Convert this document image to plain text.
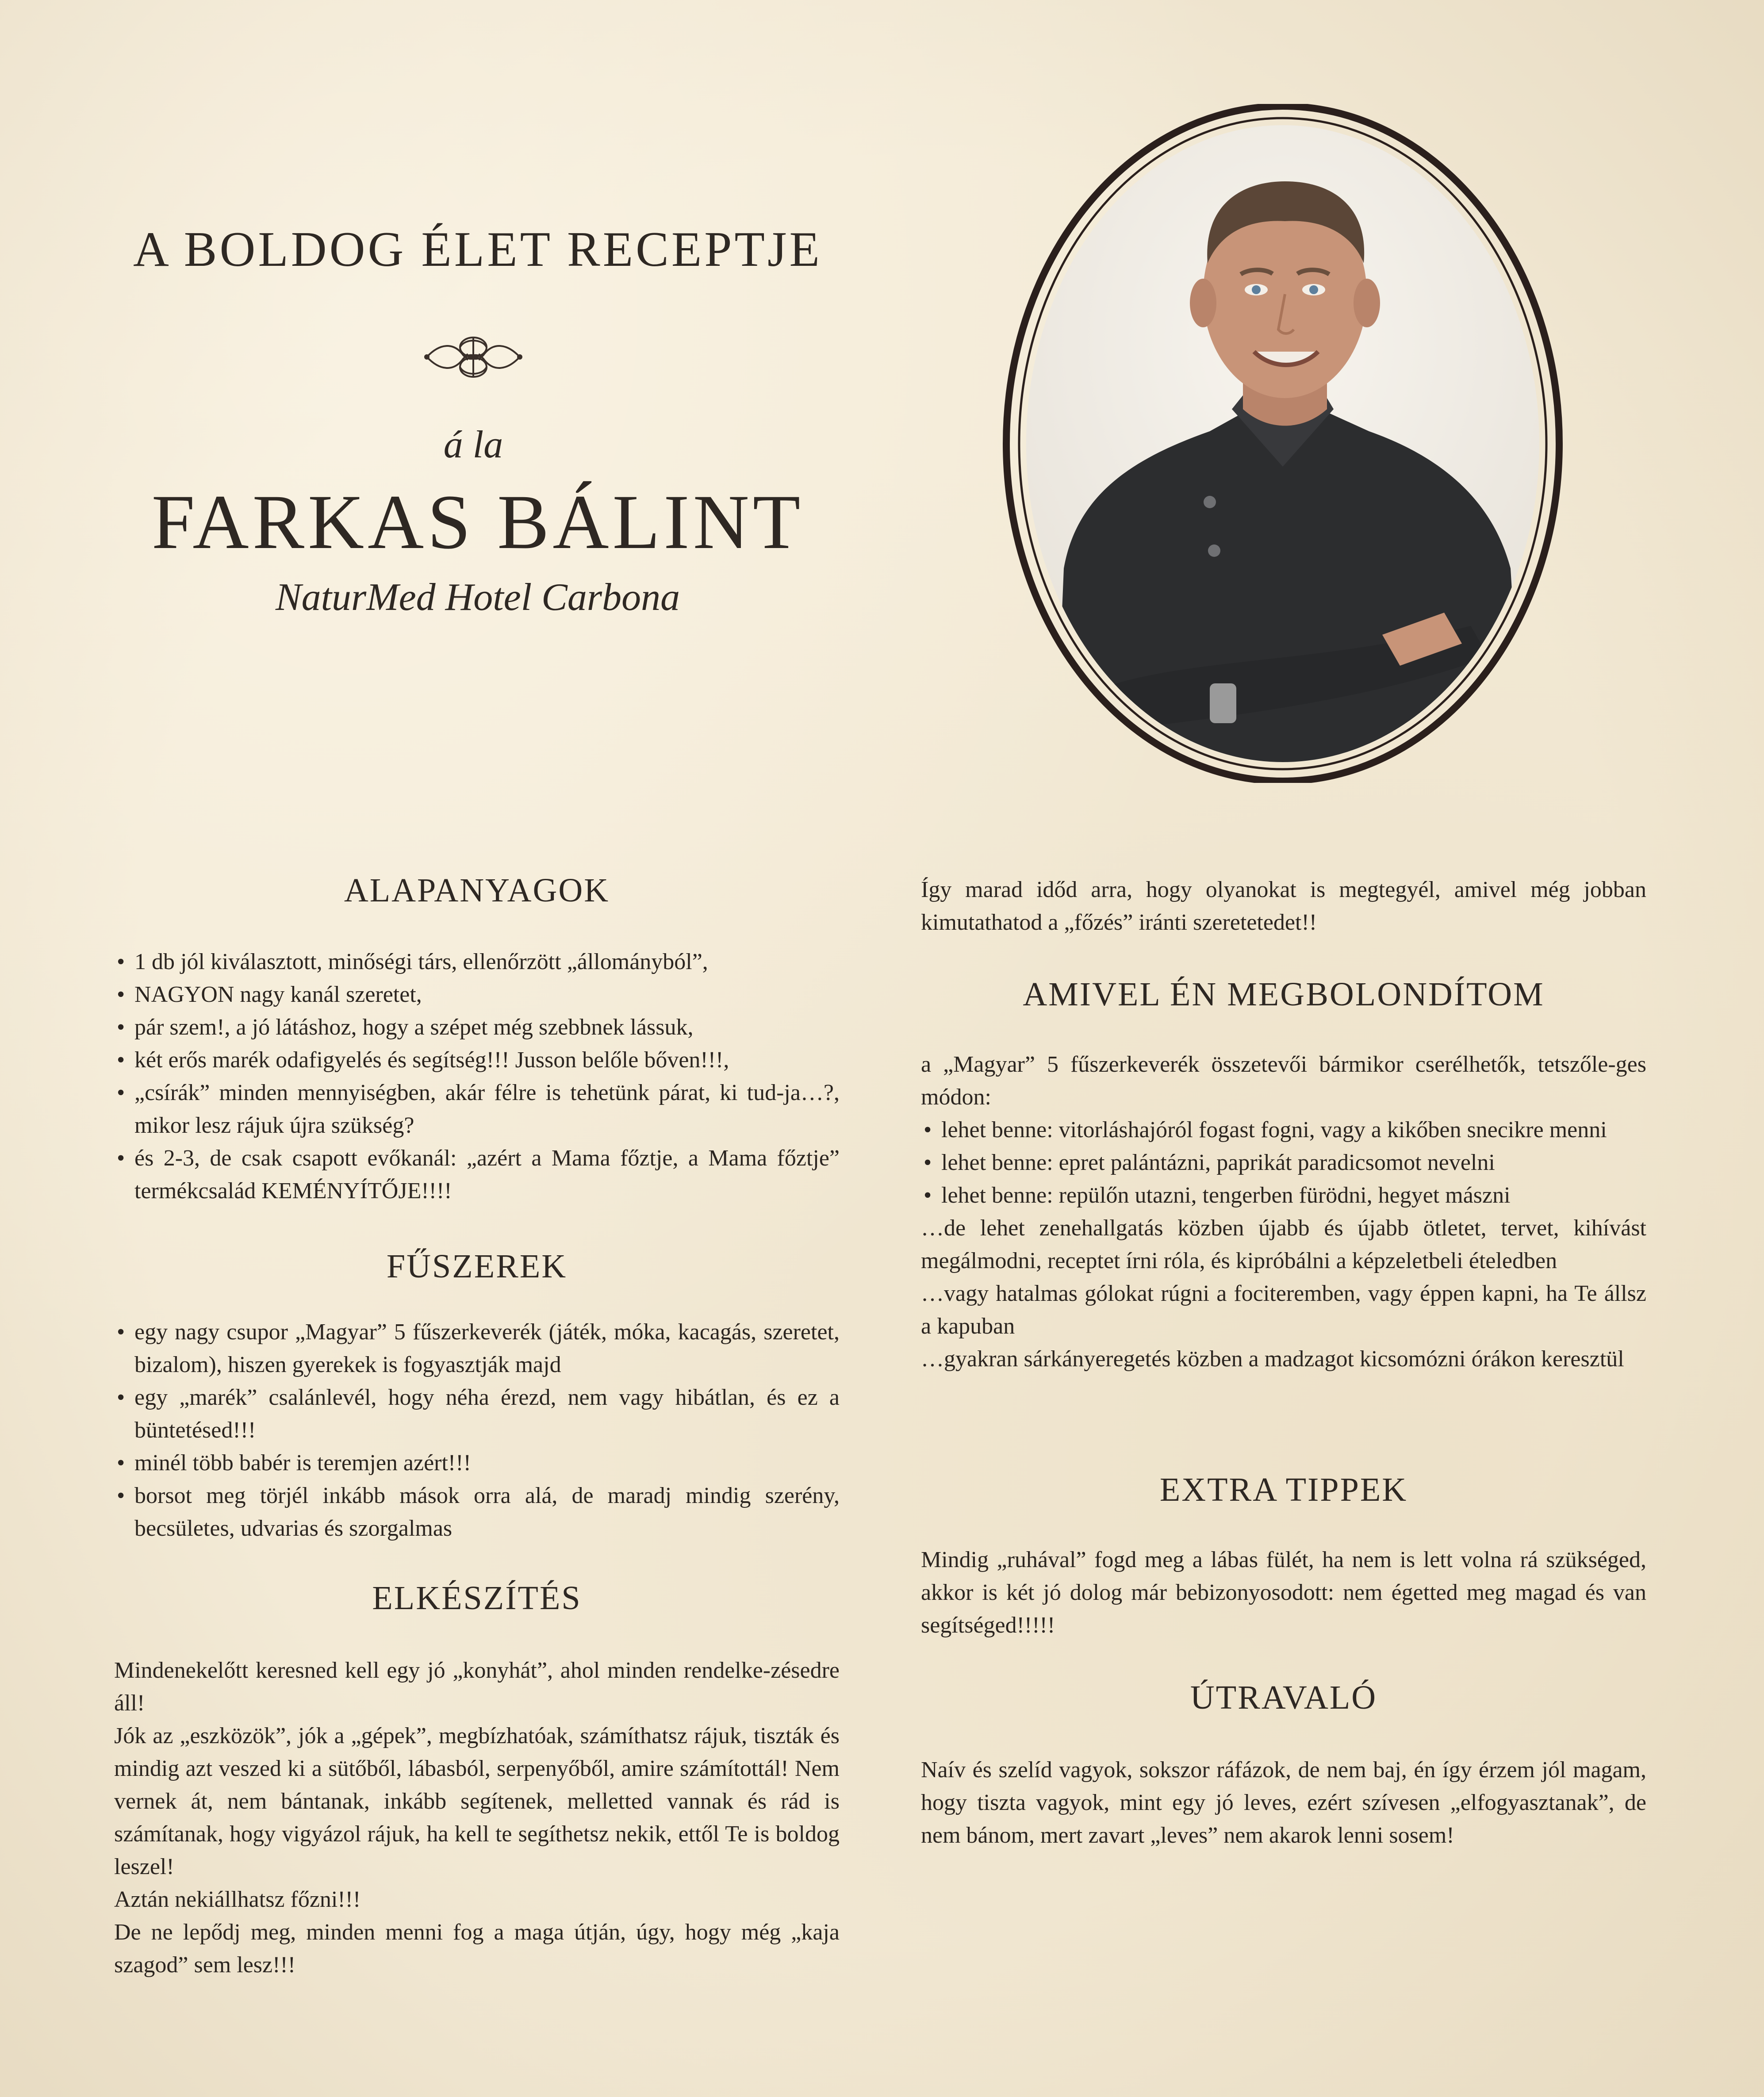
A BOLDOG ÉLET RECEPTJE
á la
FARKAS BÁLINT
NaturMed Hotel Carbona
ALAPANYAGOK
• 1 db jól kiválasztott, minőségi társ, ellenőrzött „állományból”,
• NAGYON nagy kanál szeretet,
• pár szem!, a jó látáshoz, hogy a szépet még szebbnek lássuk,
• két erős marék odafigyelés és segítség!!! Jusson belőle bőven!!!,
• „csírák” minden mennyiségben, akár félre is tehetünk párat, ki tud-ja…?, mikor lesz rájuk újra szükség?
• és 2-3, de csak csapott evőkanál: „azért a Mama főztje, a Mama főztje” termékcsalád KEMÉNYÍTŐJE!!!!
FŰSZEREK
• egy nagy csupor „Magyar” 5 fűszerkeverék (játék, móka, kacagás, szeretet, bizalom), hiszen gyerekek is fogyasztják majd
• egy „marék” csalánlevél, hogy néha érezd, nem vagy hibátlan, és ez a büntetésed!!!
• minél több babér is teremjen azért!!!
• borsot meg törjél inkább mások orra alá, de maradj mindig szerény, becsületes, udvarias és szorgalmas
ELKÉSZÍTÉS

Mindenekelőtt keresned kell egy jó „konyhát”, ahol minden rendelke-zésedre áll!

Jók az „eszközök”, jók a „gépek”, megbízhatóak, számíthatsz rájuk, tiszták és mindig azt veszed ki a sütőből, lábasból, serpenyőből, amire számítottál! Nem vernek át, nem bántanak, inkább segítenek, melletted vannak és rád is számítanak, hogy vigyázol rájuk, ha kell te segíthetsz nekik, ettől Te is boldog leszel!

Aztán nekiállhatsz főzni!!!

De ne lepődj meg, minden menni fog a maga útján, úgy, hogy még „kaja szagod” sem lesz!!!

Így marad időd arra, hogy olyanokat is megtegyél, amivel még jobban kimutathatod a „főzés” iránti szeretetedet!!
AMIVEL ÉN MEGBOLONDÍTOM

a „Magyar” 5 fűszerkeverék összetevői bármikor cserélhetők, tetszőle-ges módon:

• lehet benne: vitorláshajóról fogast fogni, vagy a kikőben snecikre menni
• lehet benne: epret palántázni, paprikát paradicsomot nevelni
• lehet benne: repülőn utazni, tengerben fürödni, hegyet mászni

…de lehet zenehallgatás közben újabb és újabb ötletet, tervet, kihívást megálmodni, receptet írni róla, és kipróbálni a képzeletbeli ételedben

…vagy hatalmas gólokat rúgni a fociteremben, vagy éppen kapni, ha Te állsz a kapuban

…gyakran sárkányeregetés közben a madzagot kicsomózni órákon keresztül

EXTRA TIPPEK
Mindig „ruhával” fogd meg a lábas fülét, ha nem is lett volna rá szükséged, akkor is két jó dolog már bebizonyosodott: nem égetted meg magad és van segítséged!!!!!
ÚTRAVALÓ
Naív és szelíd vagyok, sokszor ráfázok, de nem baj, én így érzem jól magam, hogy tiszta vagyok, mint egy jó leves, ezért szívesen „elfogyasztanak”, de nem bánom, mert zavart „leves” nem akarok lenni sosem!
